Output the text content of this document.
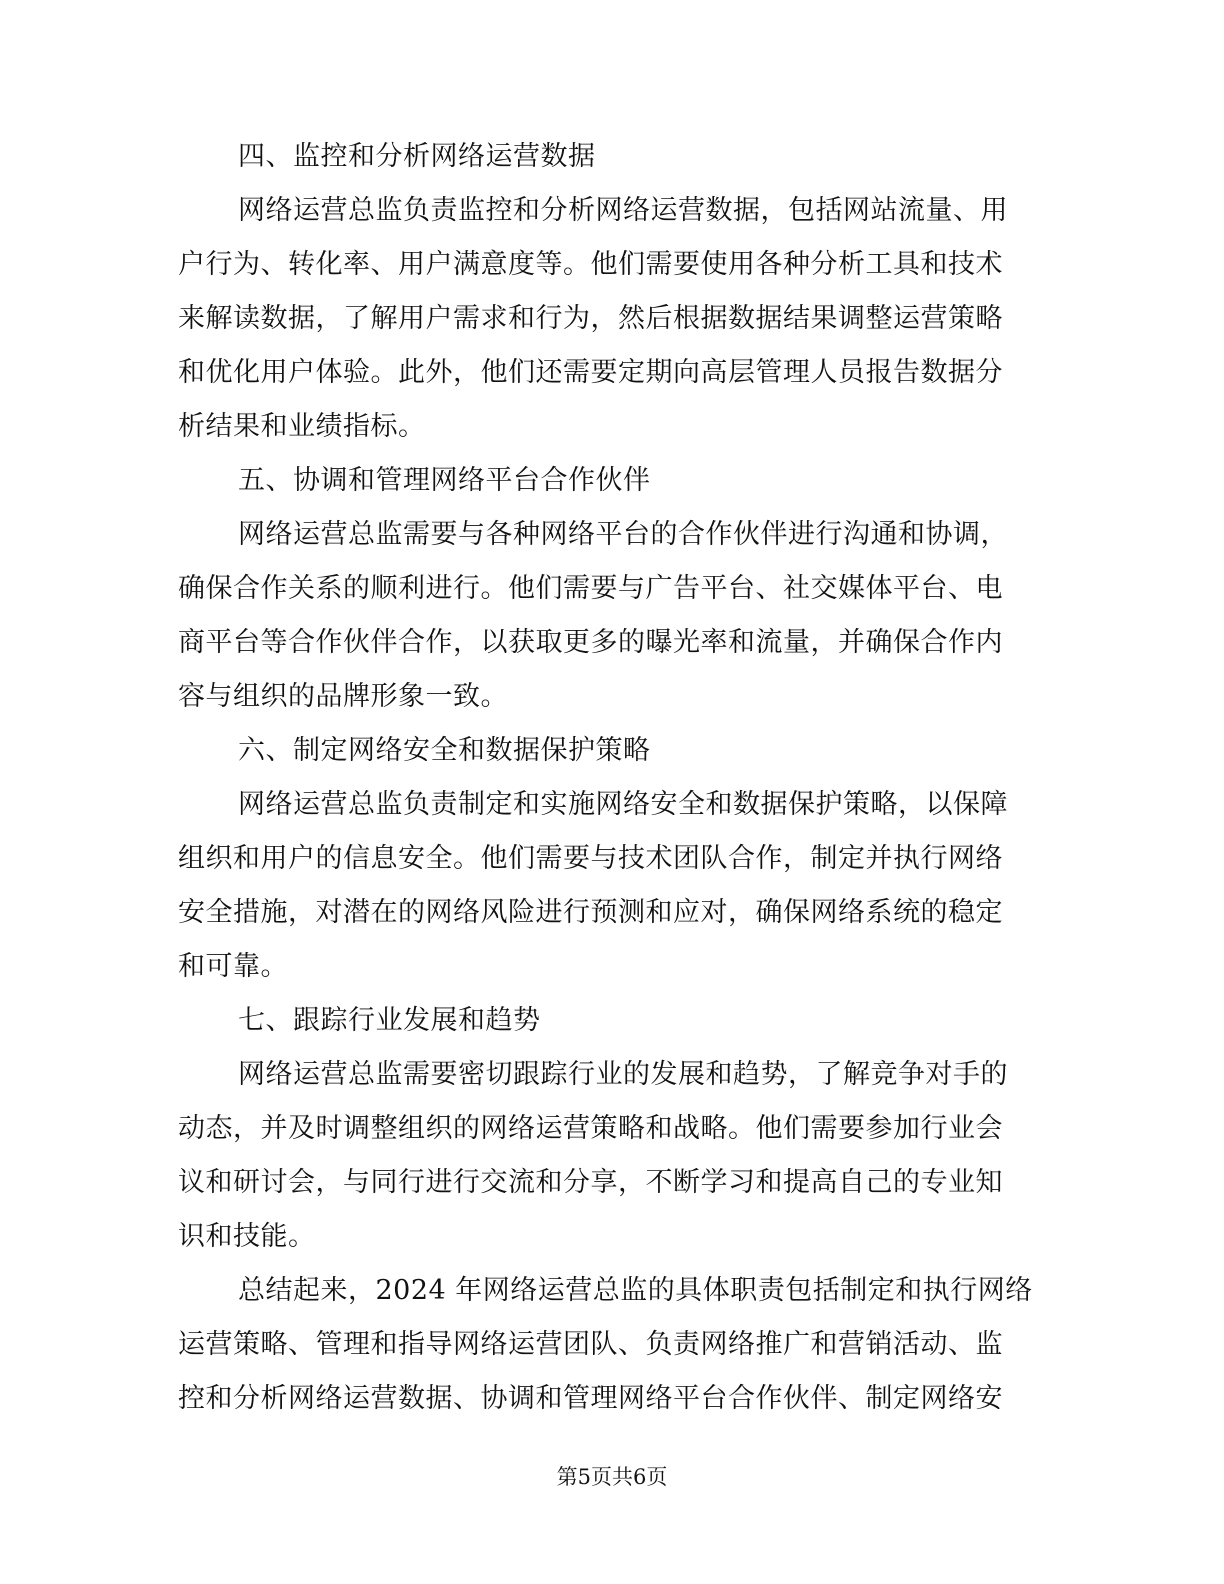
四、监控和分析网络运营数据
网络运营总监负责监控和分析网络运营数据，包括网站流量、用
户行为、转化率、用户满意度等。他们需要使用各种分析工具和技术
来解读数据，了解用户需求和行为，然后根据数据结果调整运营策略
和优化用户体验。此外，他们还需要定期向高层管理人员报告数据分
析结果和业绩指标。
五、协调和管理网络平台合作伙伴
网络运营总监需要与各种网络平台的合作伙伴进行沟通和协调，
确保合作关系的顺利进行。他们需要与广告平台、社交媒体平台、电
商平台等合作伙伴合作，以获取更多的曝光率和流量，并确保合作内
容与组织的品牌形象一致。
六、制定网络安全和数据保护策略
网络运营总监负责制定和实施网络安全和数据保护策略，以保障
组织和用户的信息安全。他们需要与技术团队合作，制定并执行网络
安全措施，对潜在的网络风险进行预测和应对，确保网络系统的稳定
和可靠。
七、跟踪行业发展和趋势
网络运营总监需要密切跟踪行业的发展和趋势，了解竞争对手的
动态，并及时调整组织的网络运营策略和战略。他们需要参加行业会
议和研讨会，与同行进行交流和分享，不断学习和提高自己的专业知
识和技能。
总结起来，2024 年网络运营总监的具体职责包括制定和执行网络
运营策略、管理和指导网络运营团队、负责网络推广和营销活动、监
控和分析网络运营数据、协调和管理网络平台合作伙伴、制定网络安
第5页共6页
